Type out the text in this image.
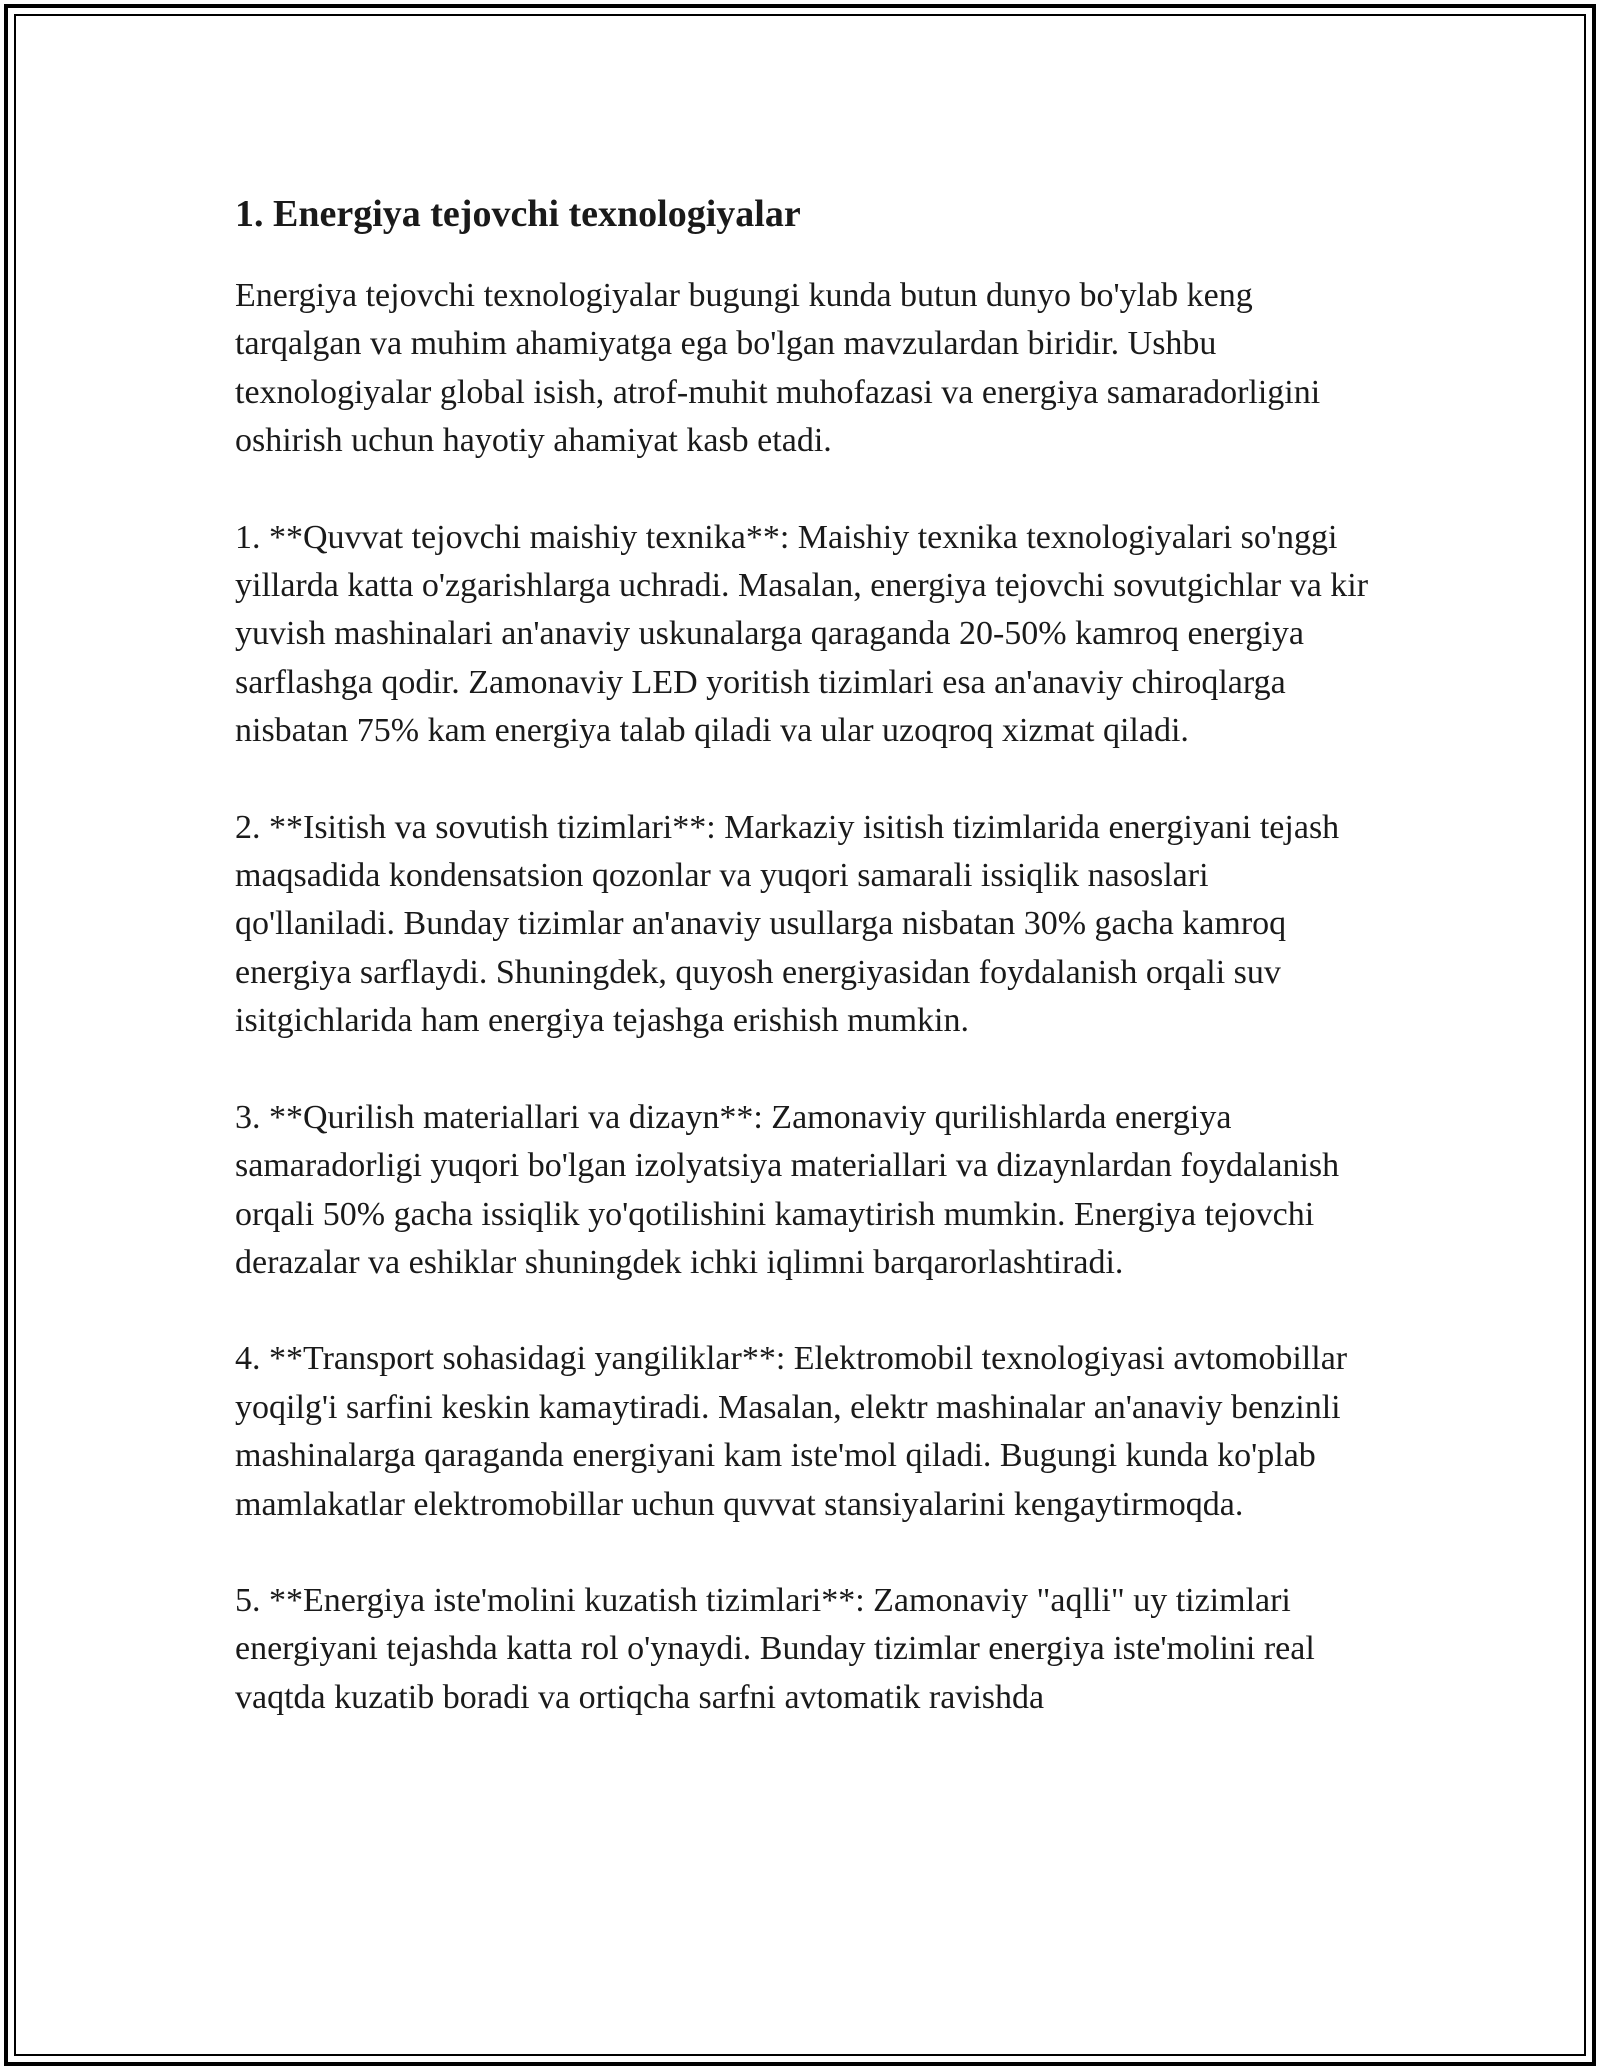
1. Energiya tejovchi texnologiyalar

Energiya tejovchi texnologiyalar bugungi kunda butun dunyo bo'ylab keng tarqalgan va muhim ahamiyatga ega bo'lgan mavzulardan biridir. Ushbu texnologiyalar global isish, atrof-muhit muhofazasi va energiya samaradorligini oshirish uchun hayotiy ahamiyat kasb etadi.

1. **Quvvat tejovchi maishiy texnika**: Maishiy texnika texnologiyalari so'nggi yillarda katta o'zgarishlarga uchradi. Masalan, energiya tejovchi sovutgichlar va kir yuvish mashinalari an'anaviy uskunalarga qaraganda 20-50% kamroq energiya sarflashga qodir. Zamonaviy LED yoritish tizimlari esa an'anaviy chiroqlarga nisbatan 75% kam energiya talab qiladi va ular uzoqroq xizmat qiladi.

2. **Isitish va sovutish tizimlari**: Markaziy isitish tizimlarida energiyani tejash maqsadida kondensatsion qozonlar va yuqori samarali issiqlik nasoslari qo'llaniladi. Bunday tizimlar an'anaviy usullarga nisbatan 30% gacha kamroq energiya sarflaydi. Shuningdek, quyosh energiyasidan foydalanish orqali suv isitgichlarida ham energiya tejashga erishish mumkin.

3. **Qurilish materiallari va dizayn**: Zamonaviy qurilishlarda energiya samaradorligi yuqori bo'lgan izolyatsiya materiallari va dizaynlardan foydalanish orqali 50% gacha issiqlik yo'qotilishini kamaytirish mumkin. Energiya tejovchi derazalar va eshiklar shuningdek ichki iqlimni barqarorlashtiradi.

4. **Transport sohasidagi yangiliklar**: Elektromobil texnologiyasi avtomobillar yoqilg'i sarfini keskin kamaytiradi. Masalan, elektr mashinalar an'anaviy benzinli mashinalarga qaraganda energiyani kam iste'mol qiladi. Bugungi kunda ko'plab mamlakatlar elektromobillar uchun quvvat stansiyalarini kengaytirmoqda.

5. **Energiya iste'molini kuzatish tizimlari**: Zamonaviy "aqlli" uy tizimlari energiyani tejashda katta rol o'ynaydi. Bunday tizimlar energiya iste'molini real vaqtda kuzatib boradi va ortiqcha sarfni avtomatik ravishda
